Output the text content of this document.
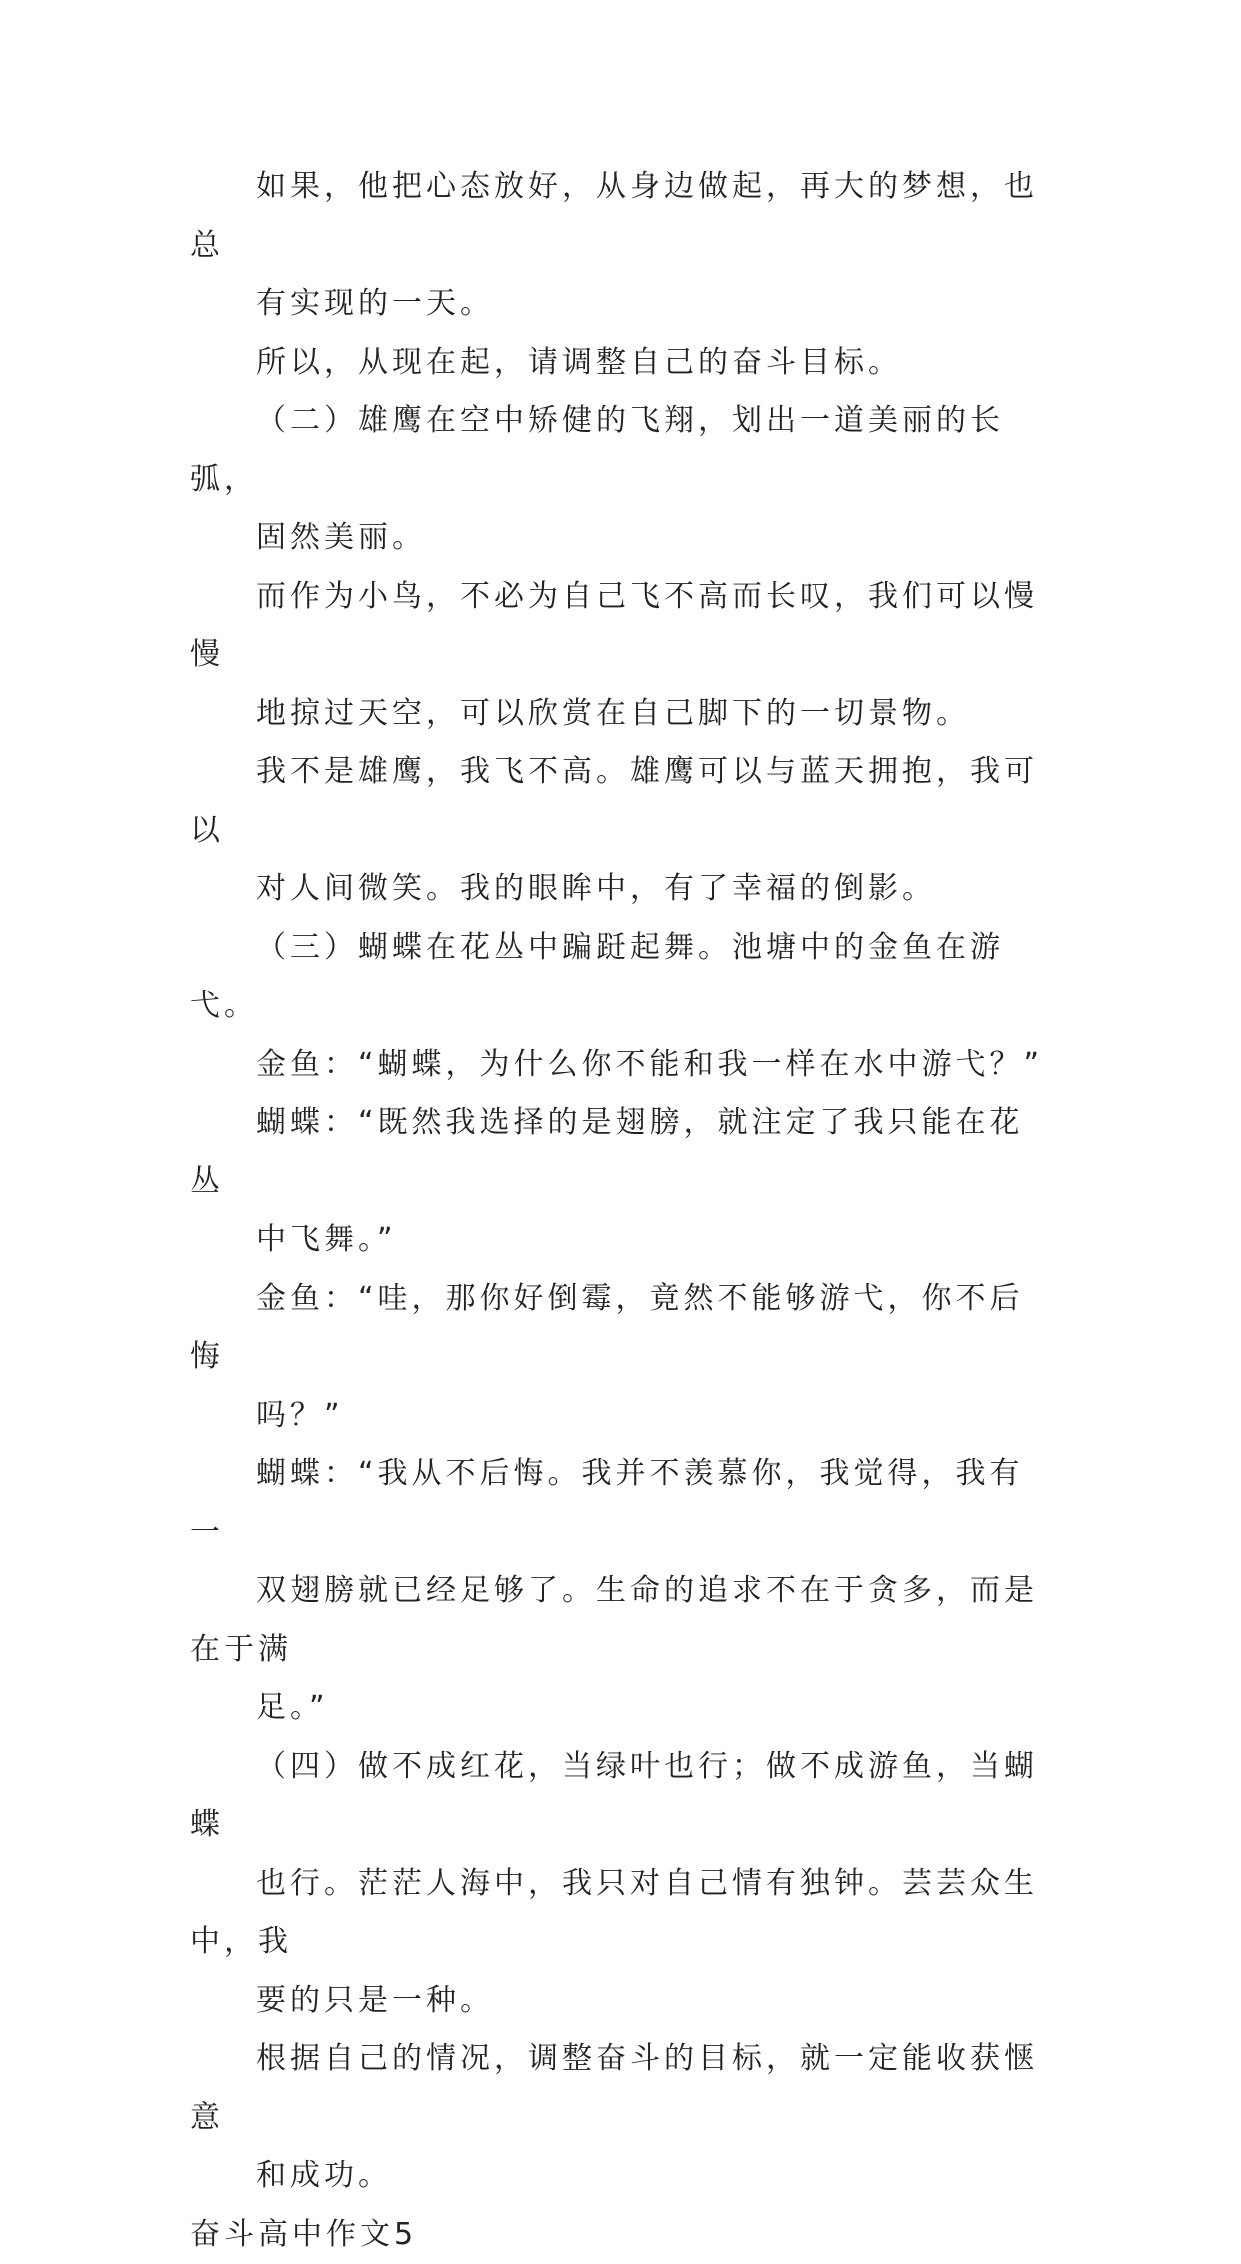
如果，他把心态放好，从身边做起，再大的梦想，也总
有实现的一天。

所以，从现在起，请调整自己的奋斗目标。

（二）雄鹰在空中矫健的飞翔，划出一道美丽的长弧，
固然美丽。

而作为小鸟，不必为自己飞不高而长叹，我们可以慢慢
地掠过天空，可以欣赏在自己脚下的一切景物。

我不是雄鹰，我飞不高。雄鹰可以与蓝天拥抱，我可以
对人间微笑。我的眼眸中，有了幸福的倒影。

（三）蝴蝶在花丛中蹁跹起舞。池塘中的金鱼在游弋。

金鱼：“蝴蝶，为什么你不能和我一样在水中游弋？”

蝴蝶：“既然我选择的是翅膀，就注定了我只能在花丛
中飞舞。”

金鱼：“哇，那你好倒霉，竟然不能够游弋，你不后悔
吗？”

蝴蝶：“我从不后悔。我并不羡慕你，我觉得，我有一
双翅膀就已经足够了。生命的追求不在于贪多，而是在于满
足。”

（四）做不成红花，当绿叶也行；做不成游鱼，当蝴蝶
也行。茫茫人海中，我只对自己情有独钟。芸芸众生中，我
要的只是一种。

根据自己的情况，调整奋斗的目标，就一定能收获惬意
和成功。

奋斗高中作文5
